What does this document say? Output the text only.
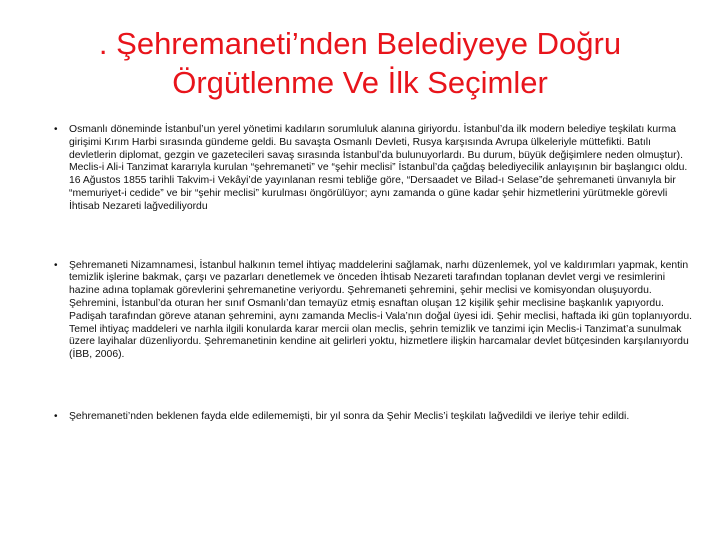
. Şehremaneti’nden Belediyeye Doğru
Örgütlenme Ve İlk Seçimler
• Osmanlı döneminde İstanbul’un yerel yönetimi kadıların sorumluluk alanına giriyordu. İstanbul’da ilk modern belediye teşkilatı kurma girişimi Kırım Harbi sırasında gündeme geldi. Bu savaşta Osmanlı Devleti, Rusya karşısında Avrupa ülkeleriyle müttefikti. Batılı devletlerin diplomat, gezgin ve gazetecileri savaş sırasında İstanbul’da bulunuyorlardı. Bu durum, büyük değişimlere neden olmuştur). Meclis-i Ali-i Tanzimat kararıyla kurulan “şehremaneti” ve “şehir meclisi” İstanbul’da çağdaş belediyecilik anlayışının bir başlangıcı oldu. 16 Ağustos 1855 tarihli Takvim-i Vekâyi’de yayınlanan resmi tebliğe göre, “Dersaadet ve Bilad-ı Selase”de şehremaneti ünvanıyla bir “memuriyet-i cedide” ve bir “şehir meclisi” kurulması öngörülüyor; aynı zamanda o güne kadar şehir hizmetlerini yürütmekle görevli İhtisab Nezareti lağvediliyordu
• Şehremaneti Nizamnamesi, İstanbul halkının temel ihtiyaç maddelerini sağlamak, narhı düzenlemek, yol ve kaldırımları yapmak, kentin temizlik işlerine bakmak, çarşı ve pazarları denetlemek ve önceden İhtisab Nezareti tarafından toplanan devlet vergi ve resimlerini hazine adına toplamak görevlerini şehremanetine veriyordu. Şehremaneti şehremini, şehir meclisi ve komisyondan oluşuyordu. Şehremini, İstanbul’da oturan her sınıf Osmanlı’dan temayüz etmiş esnaftan oluşan 12 kişilik şehir meclisine başkanlık yapıyordu. Padişah tarafından göreve atanan şehremini, aynı zamanda Meclis-i Vala’nın doğal üyesi idi. Şehir meclisi, haftada iki gün toplanıyordu. Temel ihtiyaç maddeleri ve narhla ilgili konularda karar mercii olan meclis, şehrin temizlik ve tanzimi için Meclis-i Tanzimat’a sunulmak üzere layihalar düzenliyordu. Şehremanetinin kendine ait gelirleri yoktu, hizmetlere ilişkin harcamalar devlet bütçesinden karşılanıyordu (İBB, 2006).
• Şehremaneti’nden beklenen fayda elde edilememişti, bir yıl sonra da Şehir Meclis’i teşkilatı lağvedildi ve ileriye tehir edildi.
